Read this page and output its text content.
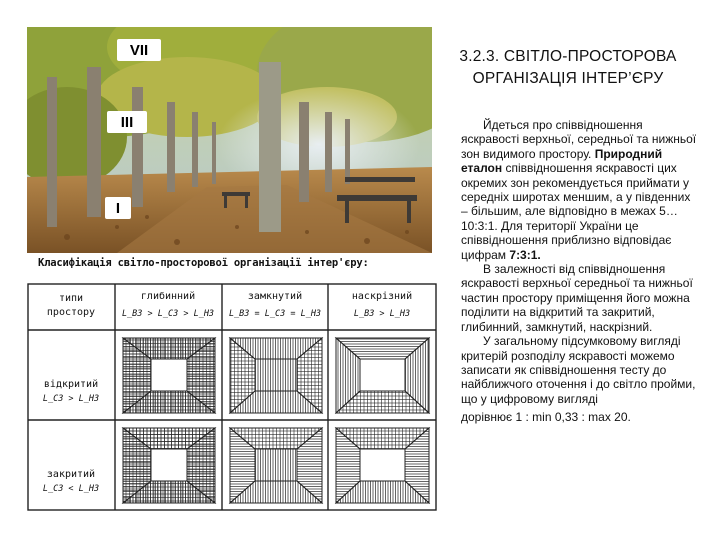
VII
III
I
Класифікація світло-просторової організації інтер'єру:
типи
простору
глибинний
L_B3 > L_C3 > L_H3
замкнутий
L_B3 = L_C3 = L_H3
наскрізний
L_B3 > L_H3
відкритий
L_C3 > L_H3
закритий
L_C3 < L_H3
3.2.3. СВІТЛО-ПРОСТОРОВА
ОРГАНІЗАЦІЯ ІНТЕР’ЄРУ

Йдеться про співвідношення яскравості верхньої, середньої та нижньої зон видимого простору. Природний еталон співвідношення яскравості цих окремих зон рекомендується приймати у середніх широтах меншим, а у південних – більшим, але відповідно в межах 5…10:3:1. Для території України це співвідношення приблизно відповідає цифрам 7:3:1.

В залежності від співвідношення яскравості верхньої середньої та нижньої частин простору приміщення його можна поділити на відкритий та закритий, глибинний, замкнутий, наскрізний.

У загальному підсумковому вигляді критерій розподілу яскравості можемо записати як співвідношення тесту до найближчого оточення і до світло пройми, що у цифровому вигляді

дорівнює 1 : min 0,33 : max 20.
